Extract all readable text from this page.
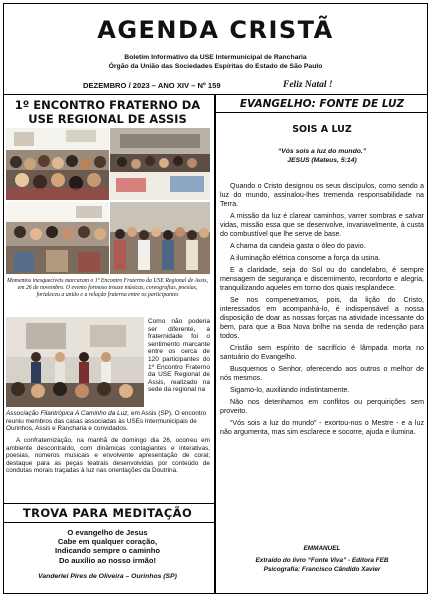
AGENDA CRISTÃ
Boletim Informativo da USE Intermunicipal de Rancharia
Órgão da União das Sociedades Espíritas do Estado de São Paulo
DEZEMBRO / 2023 – ANO XIV – Nº 159	Feliz Natal !
1º ENCONTRO FRATERNO DA
USE REGIONAL DE ASSIS
Momentos inesquecíveis marcaram o 1º Encontro Fraterno da USE Regional de Assis, em 26 de novembro. O evento formoso trouxe músicas, coreografias, poesias, fortaleceu a união e a relação fraterna entre os participantes
Como não poderia ser diferente, a fraternidade foi o sentimento marcante entre os cerca de 120 participantes do 1º Encontro Fraterno da USE Regional de Assis, realizado na sede da regional na
Associação Filantrópica A Caminho da Luz, em Assis (SP). O encontro reuniu membros das casas associadas às USEs Intermunicipais de Ourinhos, Assis e Rancharia e convidados.
A confraternização, na manhã de domingo dia 26, ocorreu em ambiente descontraído, com dinâmicas contagiantes e interativas, poesias, números musicais e envolvente apresentação de coral; destaque para as peças teatrais desenvolvidas por conteúdo de condutas morais traçadas à luz nas orientações da Doutrina.
TROVA PARA MEDITAÇÃO
O evangelho de Jesus
Cabe em qualquer coração,
Indicando sempre o caminho
Do auxílio ao nosso irmão!
Vanderlei Pires de Oliveira – Ourinhos (SP)
EVANGELHO: FONTE DE LUZ
SOIS A LUZ
“Vós sois a luz do mundo.”
JESUS (Mateus, 5:14)

Quando o Cristo designou os seus discípulos, como sendo a luz do mundo, assinalou-lhes tremenda responsabilidade na Terra.

A missão da luz é clarear caminhos, varrer sombras e salvar vidas, missão essa que se desenvolve, invariavelmente, à custa do combustível que lhe serve de base.

A chama da candeia gasta o óleo do pavio.

A iluminação elétrica consome a força da usina.

E a claridade, seja do Sol ou do candelabro, é sempre mensagem de segurança e discernimento, reconforto e alegria, tranquilizando aqueles em torno dos quais resplandece.

Se nos compenetramos, pois, da lição do Cristo, interessados em acompanhá-lo, é indispensável a nossa disposição de doar as nossas forças na atividade incessante do bem, para que a Boa Nova brilhe na senda de redenção para todos.

Cristão sem espírito de sacrifício é lâmpada morta no santuário do Evangelho.

Busquemos o Senhor, oferecendo aos outros o melhor de nós mesmos.

Sigamo-lo, auxiliando indistintamente.

Não nos detenhamos em conflitos ou perquirições sem proveito.

“Vós sois a luz do mundo” - exortou-nos o Mestre - e a luz não argumenta, mas sim esclarece e socorre, ajuda e ilumina.

EMMANUEL
Extraído do livro “Fonte Viva” - Editora FEB
Psicografia: Francisco Cândido Xavier
